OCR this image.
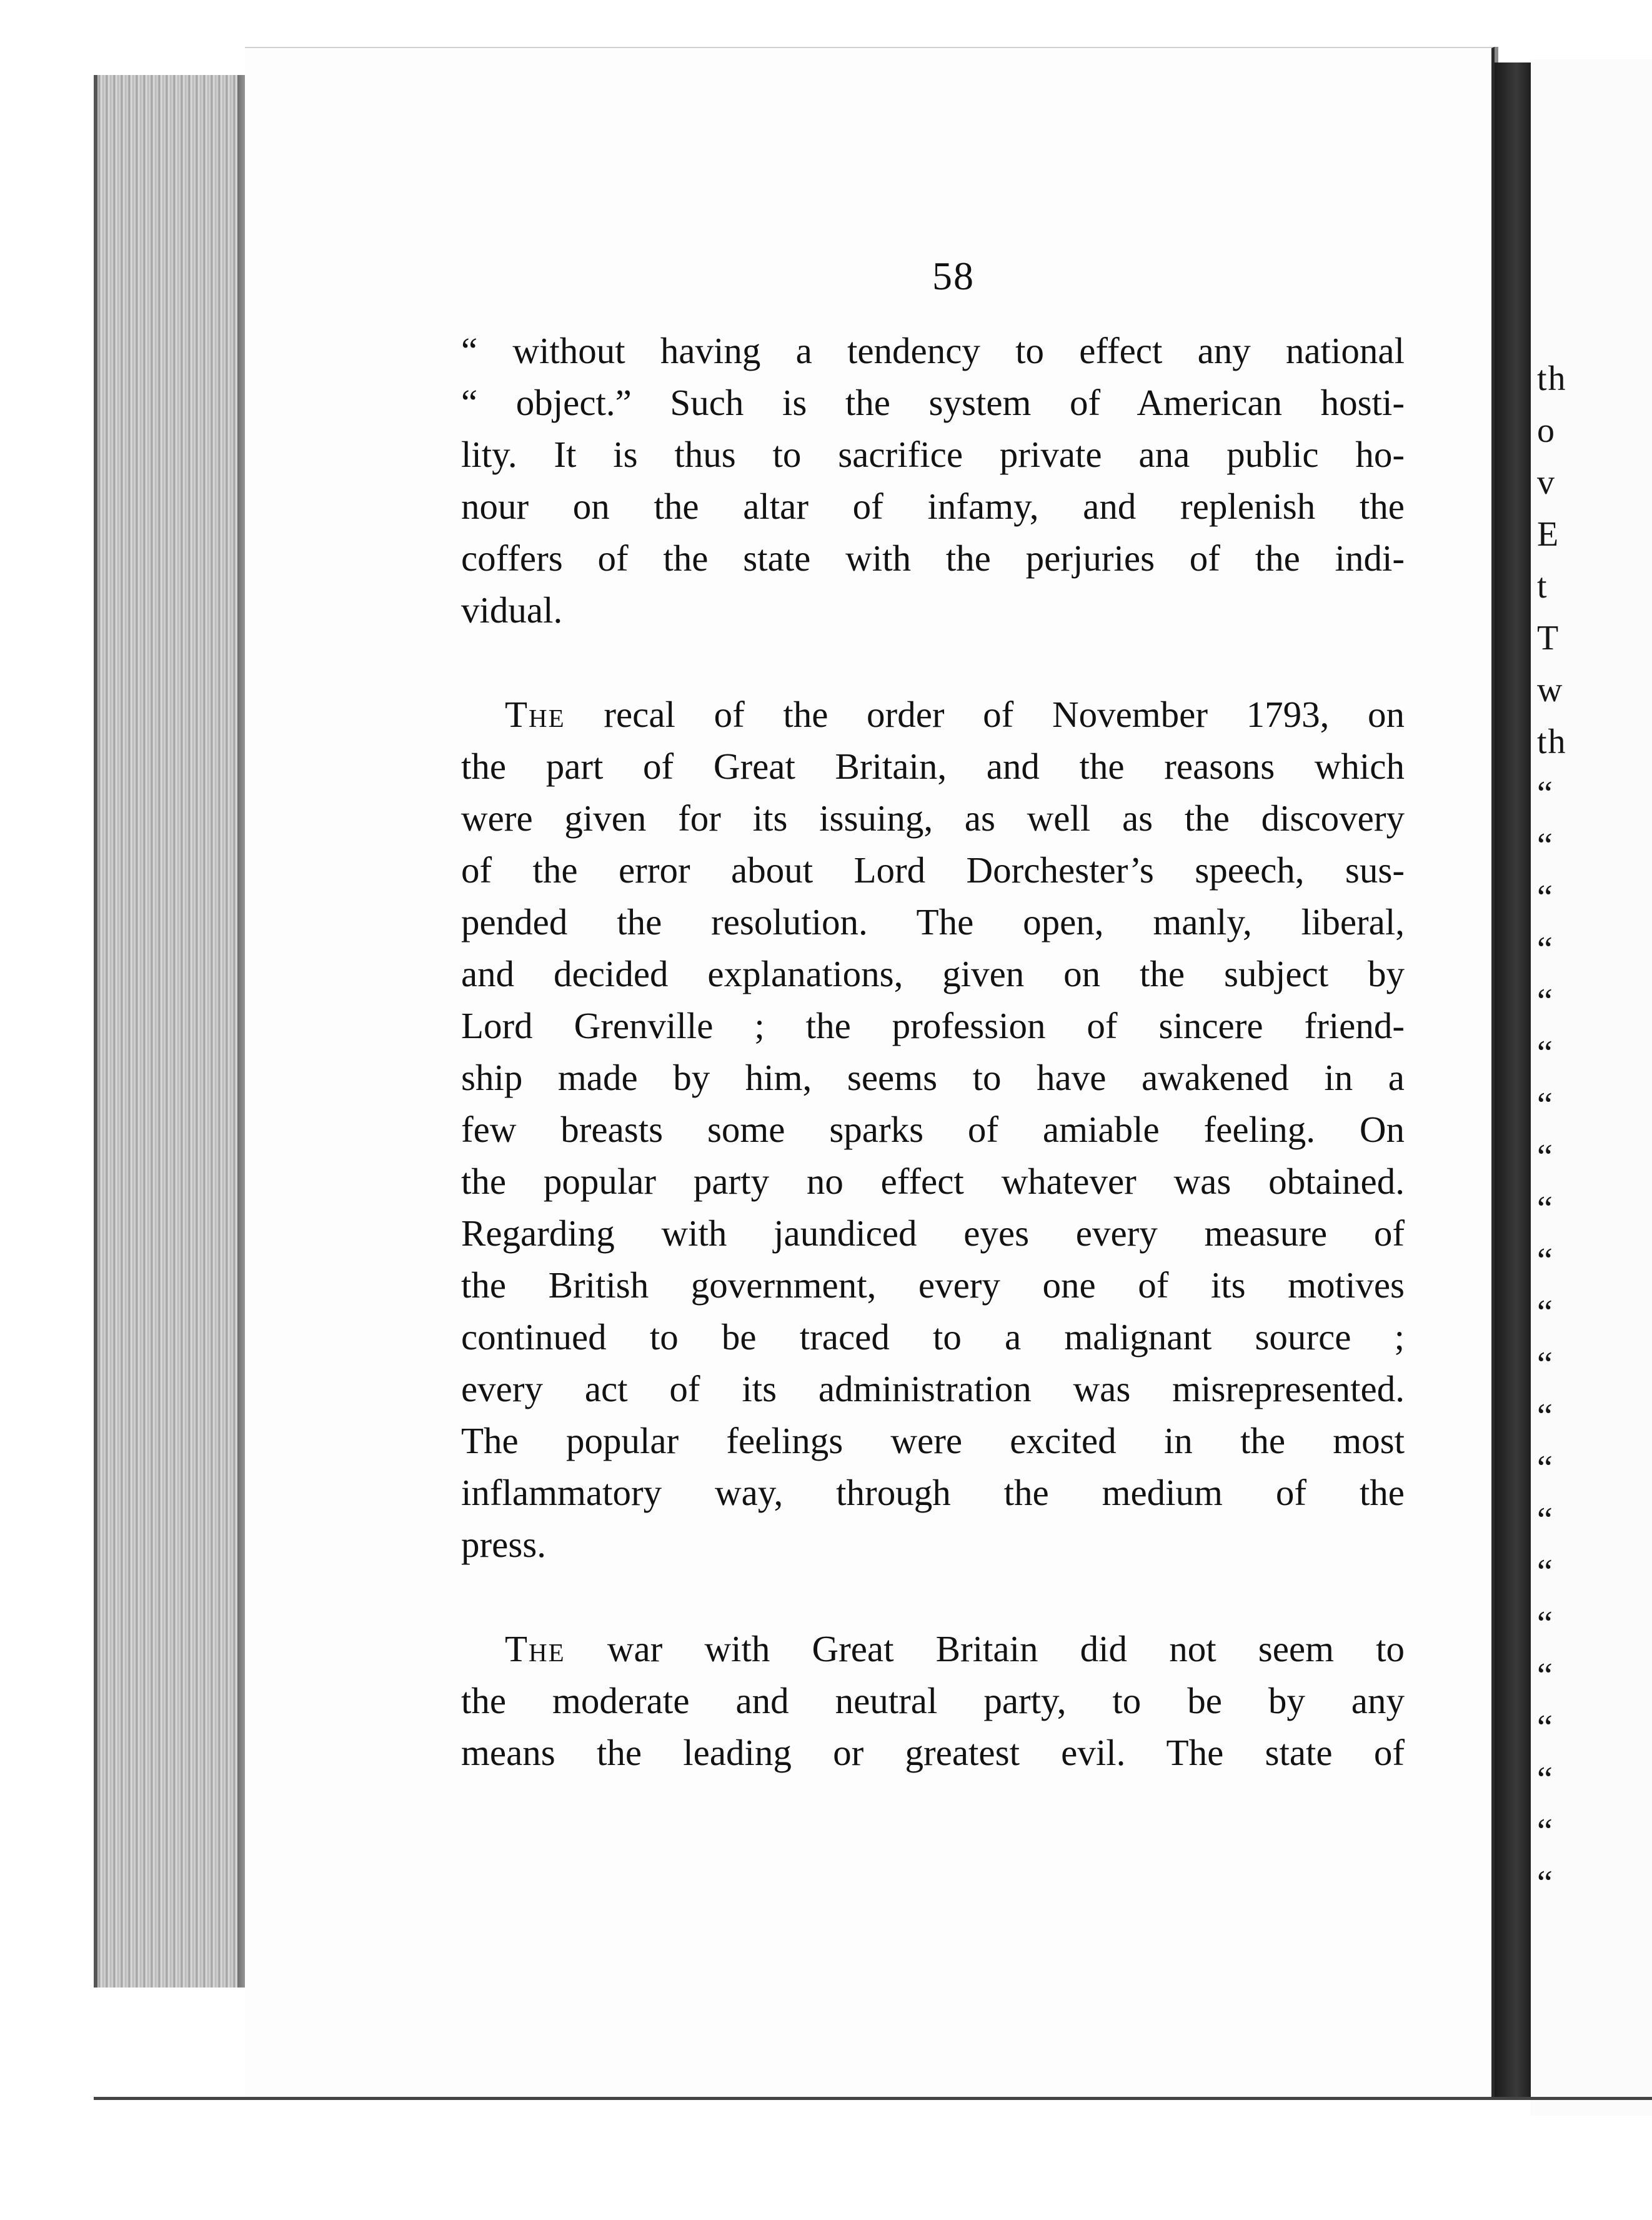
58
“ without having a tendency to effect any national
“ object.” Such is the system of American hosti-
lity. It is thus to sacrifice private ana public ho-
nour on the altar of infamy, and replenish the
coffers of the state with the perjuries of the indi-
vidual.
The recal of the order of November 1793, on
the part of Great Britain, and the reasons which
were given for its issuing, as well as the discovery
of the error about Lord Dorchester’s speech, sus-
pended the resolution. The open, manly, liberal,
and decided explanations, given on the subject by
Lord Grenville ; the profession of sincere friend-
ship made by him, seems to have awakened in a
few breasts some sparks of amiable feeling. On
the popular party no effect whatever was obtained.
Regarding with jaundiced eyes every measure of
the British government, every one of its motives
continued to be traced to a malignant source ;
every act of its administration was misrepresented.
The popular feelings were excited in the most
inflammatory way, through the medium of the
press.
The war with Great Britain did not seem to
the moderate and neutral party, to be by any
means the leading or greatest evil. The state of
th
o
v
E
t
T
w
th
“
“
“
“
“
“
“
“
“
“
“
“
“
“
“
“
“
“
“
“
“
“
